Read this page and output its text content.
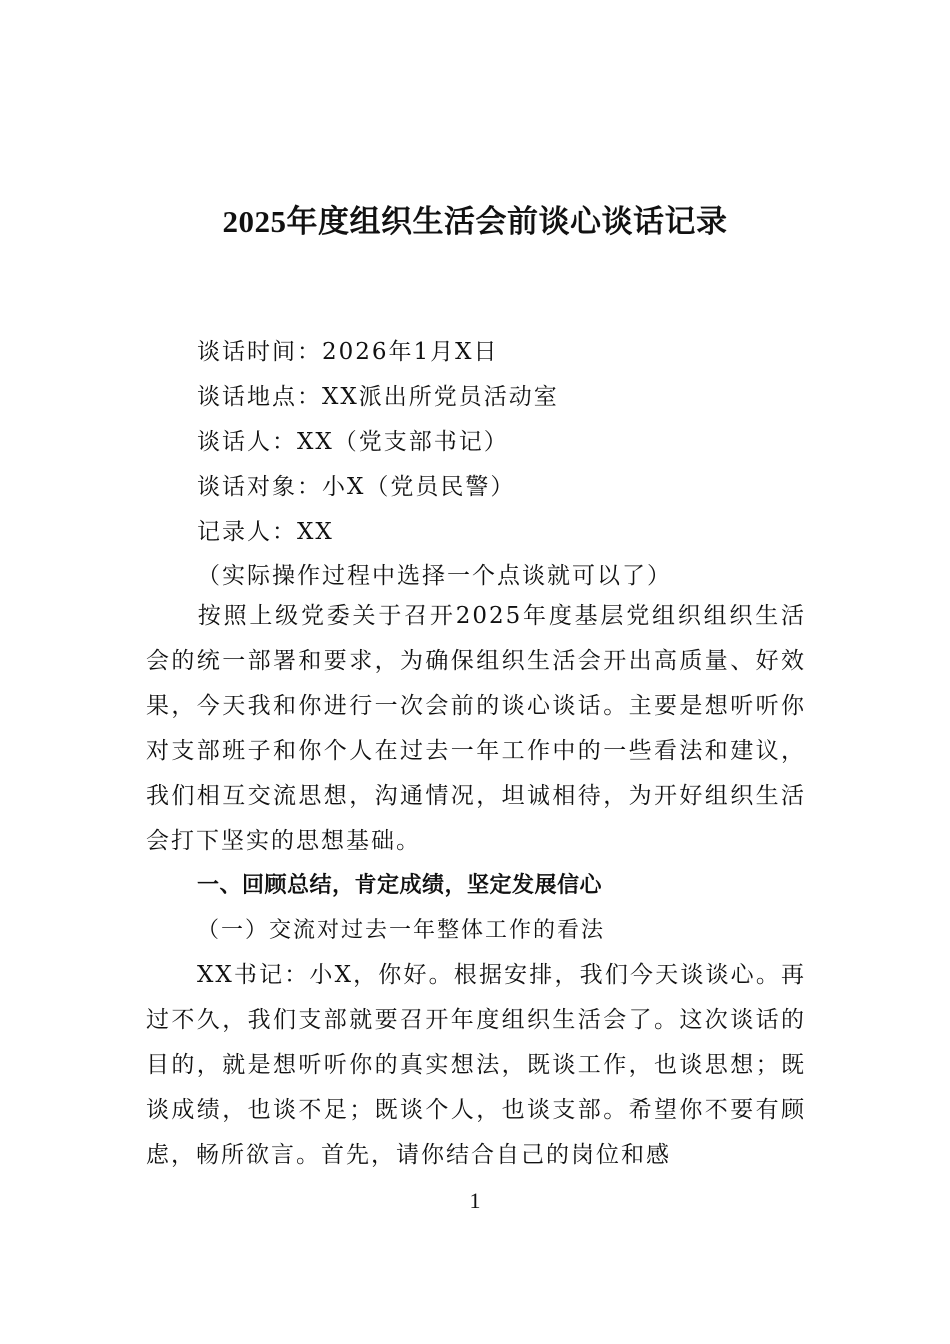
2025年度组织生活会前谈心谈话记录
谈话时间：2026年1月X日
谈话地点：XX派出所党员活动室
谈话人：XX（党支部书记）
谈话对象：小X（党员民警）
记录人：XX
（实际操作过程中选择一个点谈就可以了）
按照上级党委关于召开2025年度基层党组织组织生活会的统一部署和要求，为确保组织生活会开出高质量、好效果，今天我和你进行一次会前的谈心谈话。主要是想听听你对支部班子和你个人在过去一年工作中的一些看法和建议，我们相互交流思想，沟通情况，坦诚相待，为开好组织生活会打下坚实的思想基础。
一、回顾总结，肯定成绩，坚定发展信心
（一）交流对过去一年整体工作的看法
XX书记：小X，你好。根据安排，我们今天谈谈心。再过不久，我们支部就要召开年度组织生活会了。这次谈话的目的，就是想听听你的真实想法，既谈工作，也谈思想；既谈成绩，也谈不足；既谈个人，也谈支部。希望你不要有顾虑，畅所欲言。首先，请你结合自己的岗位和感
1
